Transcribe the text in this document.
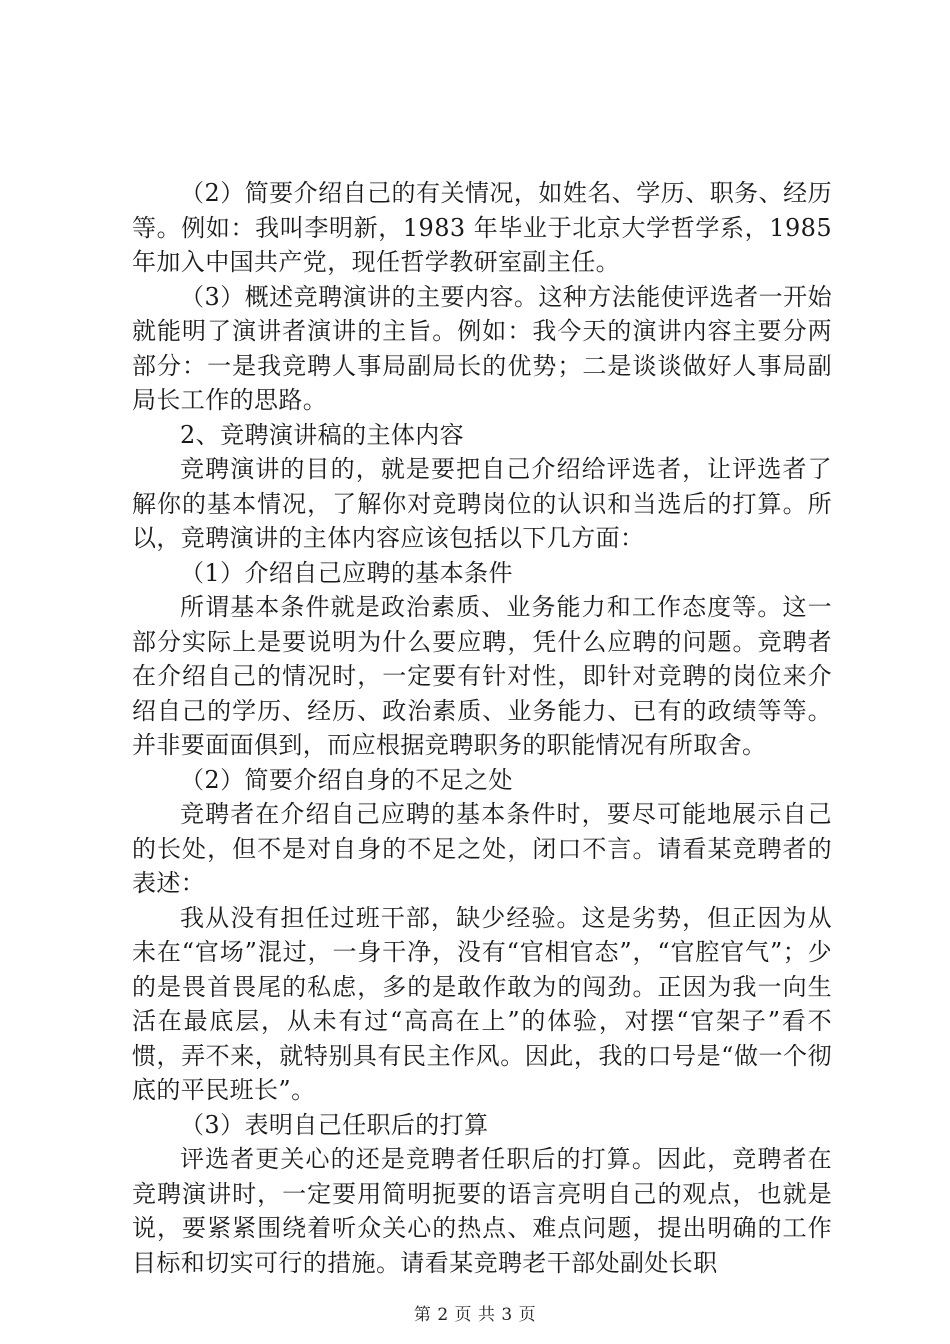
（2）简要介绍自己的有关情况，如姓名、学历、职务、经历等。例如：我叫李明新，1983 年毕业于北京大学哲学系，1985 年加入中国共产党，现任哲学教研室副主任。

（3）概述竞聘演讲的主要内容。这种方法能使评选者一开始就能明了演讲者演讲的主旨。例如：我今天的演讲内容主要分两部分：一是我竞聘人事局副局长的优势；二是谈谈做好人事局副局长工作的思路。

2、竞聘演讲稿的主体内容

竞聘演讲的目的，就是要把自己介绍给评选者，让评选者了解你的基本情况，了解你对竞聘岗位的认识和当选后的打算。所以，竞聘演讲的主体内容应该包括以下几方面：

（1）介绍自己应聘的基本条件

所谓基本条件就是政治素质、业务能力和工作态度等。这一部分实际上是要说明为什么要应聘，凭什么应聘的问题。竞聘者在介绍自己的情况时，一定要有针对性，即针对竞聘的岗位来介绍自己的学历、经历、政治素质、业务能力、已有的政绩等等。并非要面面俱到，而应根据竞聘职务的职能情况有所取舍。

（2）简要介绍自身的不足之处

竞聘者在介绍自己应聘的基本条件时，要尽可能地展示自己的长处，但不是对自身的不足之处，闭口不言。请看某竞聘者的表述：

我从没有担任过班干部，缺少经验。这是劣势，但正因为从未在“官场”混过，一身干净，没有“官相官态”，“官腔官气”；少的是畏首畏尾的私虑，多的是敢作敢为的闯劲。正因为我一向生活在最底层，从未有过“高高在上”的体验，对摆“官架子”看不惯，弄不来，就特别具有民主作风。因此，我的口号是“做一个彻底的平民班长”。

（3）表明自己任职后的打算

评选者更关心的还是竞聘者任职后的打算。因此，竞聘者在竞聘演讲时，一定要用简明扼要的语言亮明自己的观点，也就是说，要紧紧围绕着听众关心的热点、难点问题，提出明确的工作目标和切实可行的措施。请看某竞聘老干部处副处长职

第 2 页 共 3 页
